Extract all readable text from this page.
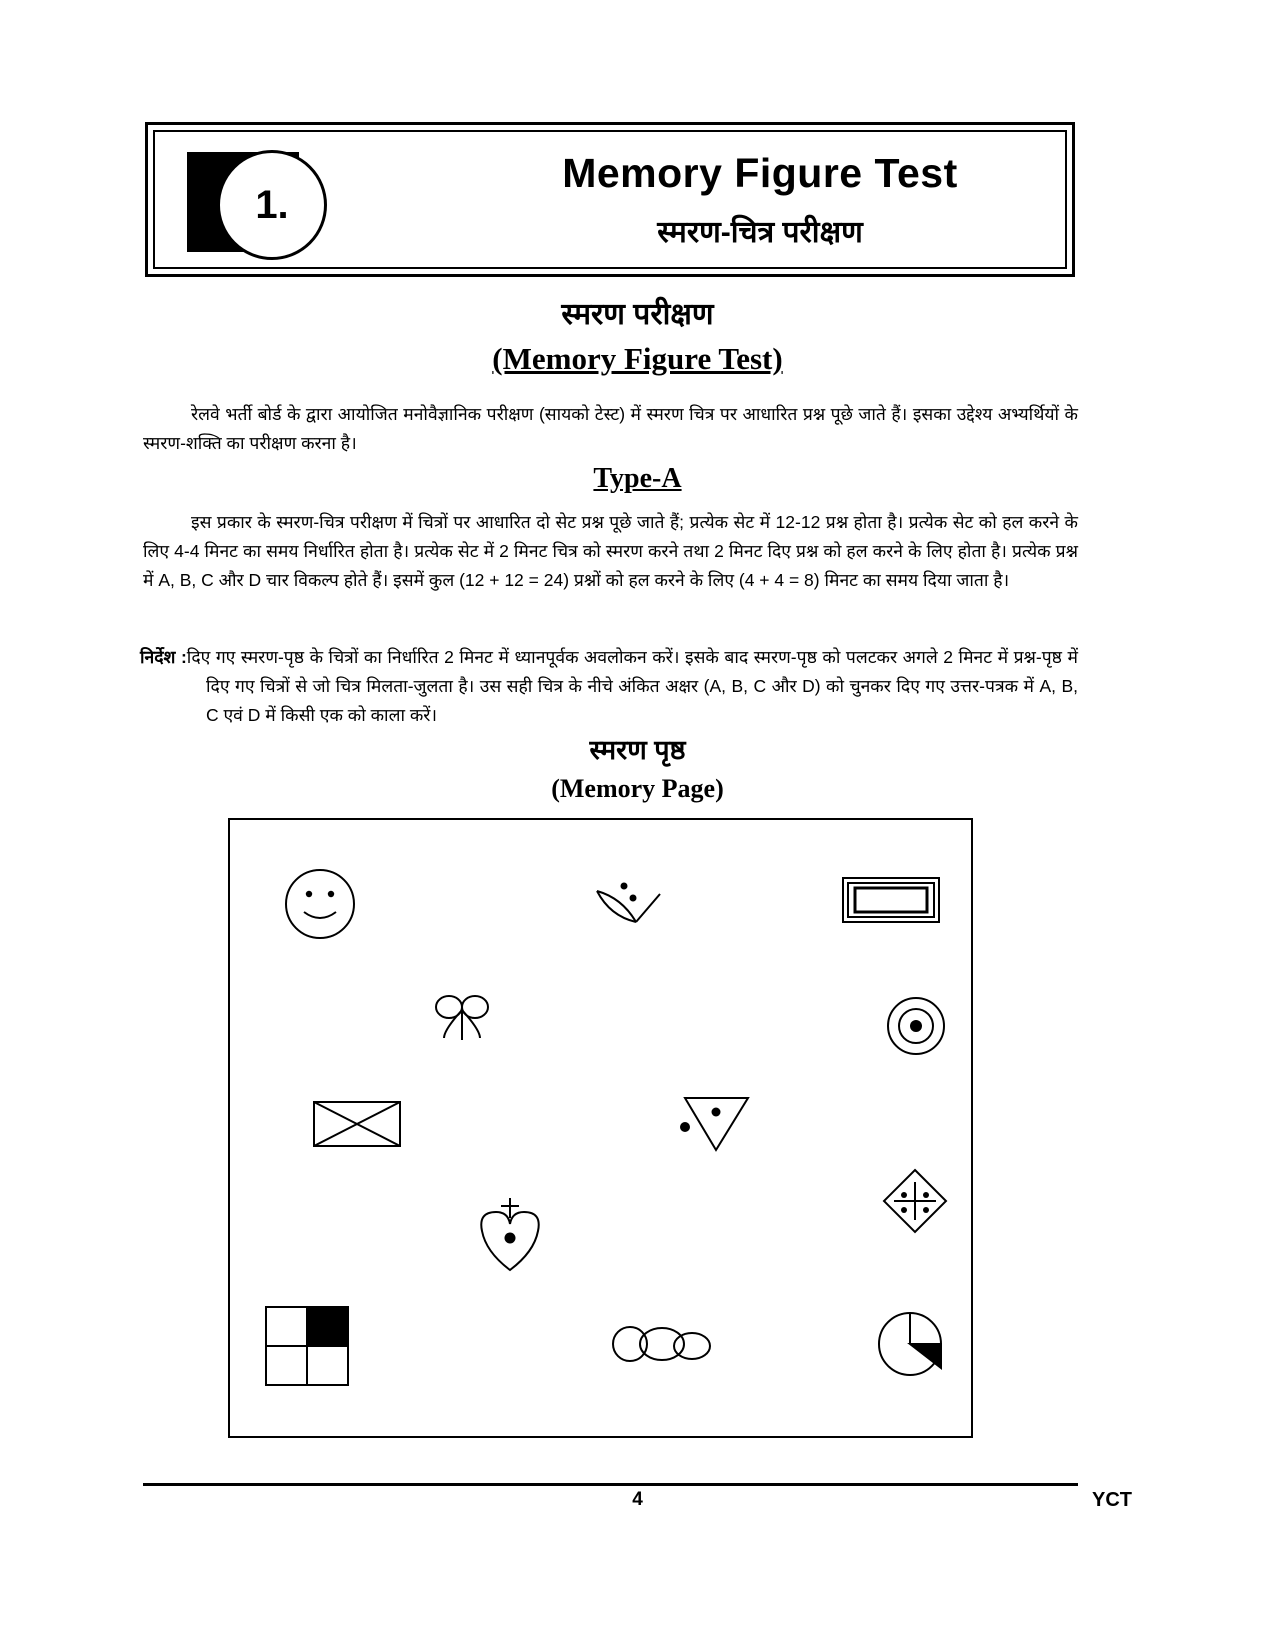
1.
Memory Figure Test
स्मरण-चित्र परीक्षण
स्मरण परीक्षण
(Memory Figure Test)
रेलवे भर्ती बोर्ड के द्वारा आयोजित मनोवैज्ञानिक परीक्षण (सायको टेस्ट) में स्मरण चित्र पर आधारित प्रश्न पूछे जाते हैं। इसका उद्देश्य अभ्यर्थियों के स्मरण-शक्ति का परीक्षण करना है।
Type-A
इस प्रकार के स्मरण-चित्र परीक्षण में चित्रों पर आधारित दो सेट प्रश्न पूछे जाते हैं; प्रत्येक सेट में 12-12 प्रश्न होता है। प्रत्येक सेट को हल करने के लिए 4-4 मिनट का समय निर्धारित होता है। प्रत्येक सेट में 2 मिनट चित्र को स्मरण करने तथा 2 मिनट दिए प्रश्न को हल करने के लिए होता है। प्रत्येक प्रश्न में A, B, C और D चार विकल्प होते हैं। इसमें कुल (12 + 12 = 24) प्रश्नों को हल करने के लिए (4 + 4 = 8) मिनट का समय दिया जाता है।
निर्देश :दिए गए स्मरण-पृष्ठ के चित्रों का निर्धारित 2 मिनट में ध्यानपूर्वक अवलोकन करें। इसके बाद स्मरण-पृष्ठ को पलटकर अगले 2 मिनट में प्रश्न-पृष्ठ में दिए गए चित्रों से जो चित्र मिलता-जुलता है। उस सही चित्र के नीचे अंकित अक्षर (A, B, C और D) को चुनकर दिए गए उत्तर-पत्रक में A, B, C एवं D में किसी एक को काला करें।
स्मरण पृष्ठ
(Memory Page)
4	YCT
